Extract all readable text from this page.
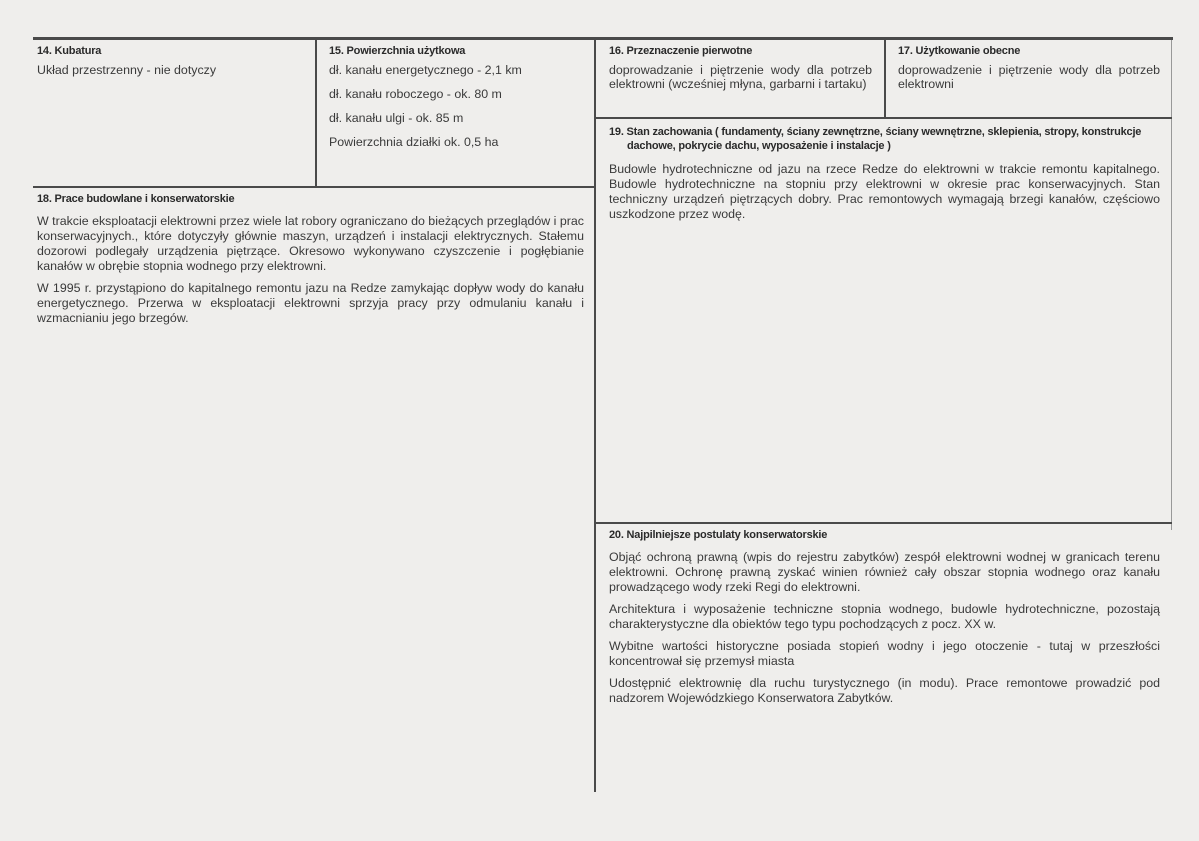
14. Kubatura
Układ przestrzenny - nie dotyczy
15. Powierzchnia użytkowa

dł. kanału energetycznego - 2,1 km

dł. kanału roboczego - ok. 80 m

dł. kanału ulgi - ok. 85 m

Powierzchnia działki ok. 0,5 ha

16. Przeznaczenie pierwotne
doprowadzanie i piętrzenie wody dla potrzeb elektrowni (wcześniej młyna, garbarni i tartaku)
17. Użytkowanie obecne
doprowadzenie i piętrzenie wody dla potrzeb elektrowni
18. Prace budowlane i konserwatorskie

W trakcie eksploatacji elektrowni przez wiele lat robory ograniczano do bieżących przeglądów i prac konserwacyjnych., które dotyczyły głównie maszyn, urządzeń i instalacji elektrycznych. Stałemu dozorowi podlegały urządzenia piętrzące. Okresowo wykonywano czyszczenie i pogłębianie kanałów w obrębie stopnia wodnego przy elektrowni.

W 1995 r. przystąpiono do kapitalnego remontu jazu na Redze zamykając dopływ wody do kanału energetycznego. Przerwa w eksploatacji elektrowni sprzyja pracy przy odmulaniu kanału i wzmacnianiu jego brzegów.

19. Stan zachowania ( fundamenty, ściany zewnętrzne, ściany wewnętrzne, sklepienia, stropy, konstrukcje dachowe, pokrycie dachu, wyposażenie i instalacje )

Budowle hydrotechniczne od jazu na rzece Redze do elektrowni w trakcie remontu kapitalnego. Budowle hydrotechniczne na stopniu przy elektrowni w okresie prac konserwacyjnych. Stan techniczny urządzeń piętrzących dobry. Prac remontowych wymagają brzegi kanałów, częściowo uszkodzone przez wodę.

20. Najpilniejsze postulaty konserwatorskie

Objąć ochroną prawną (wpis do rejestru zabytków) zespół elektrowni wodnej w granicach terenu elektrowni. Ochronę prawną zyskać winien również cały obszar stopnia wodnego oraz kanału prowadzącego wody rzeki Regi do elektrowni.

Architektura i wyposażenie techniczne stopnia wodnego, budowle hydrotechniczne, pozostają charakterystyczne dla obiektów tego typu pochodzących z pocz. XX w.

Wybitne wartości historyczne posiada stopień wodny i jego otoczenie - tutaj w przeszłości koncentrował się przemysł miasta

Udostępnić elektrownię dla ruchu turystycznego (in modu). Prace remontowe prowadzić pod nadzorem Wojewódzkiego Konserwatora Zabytków.
